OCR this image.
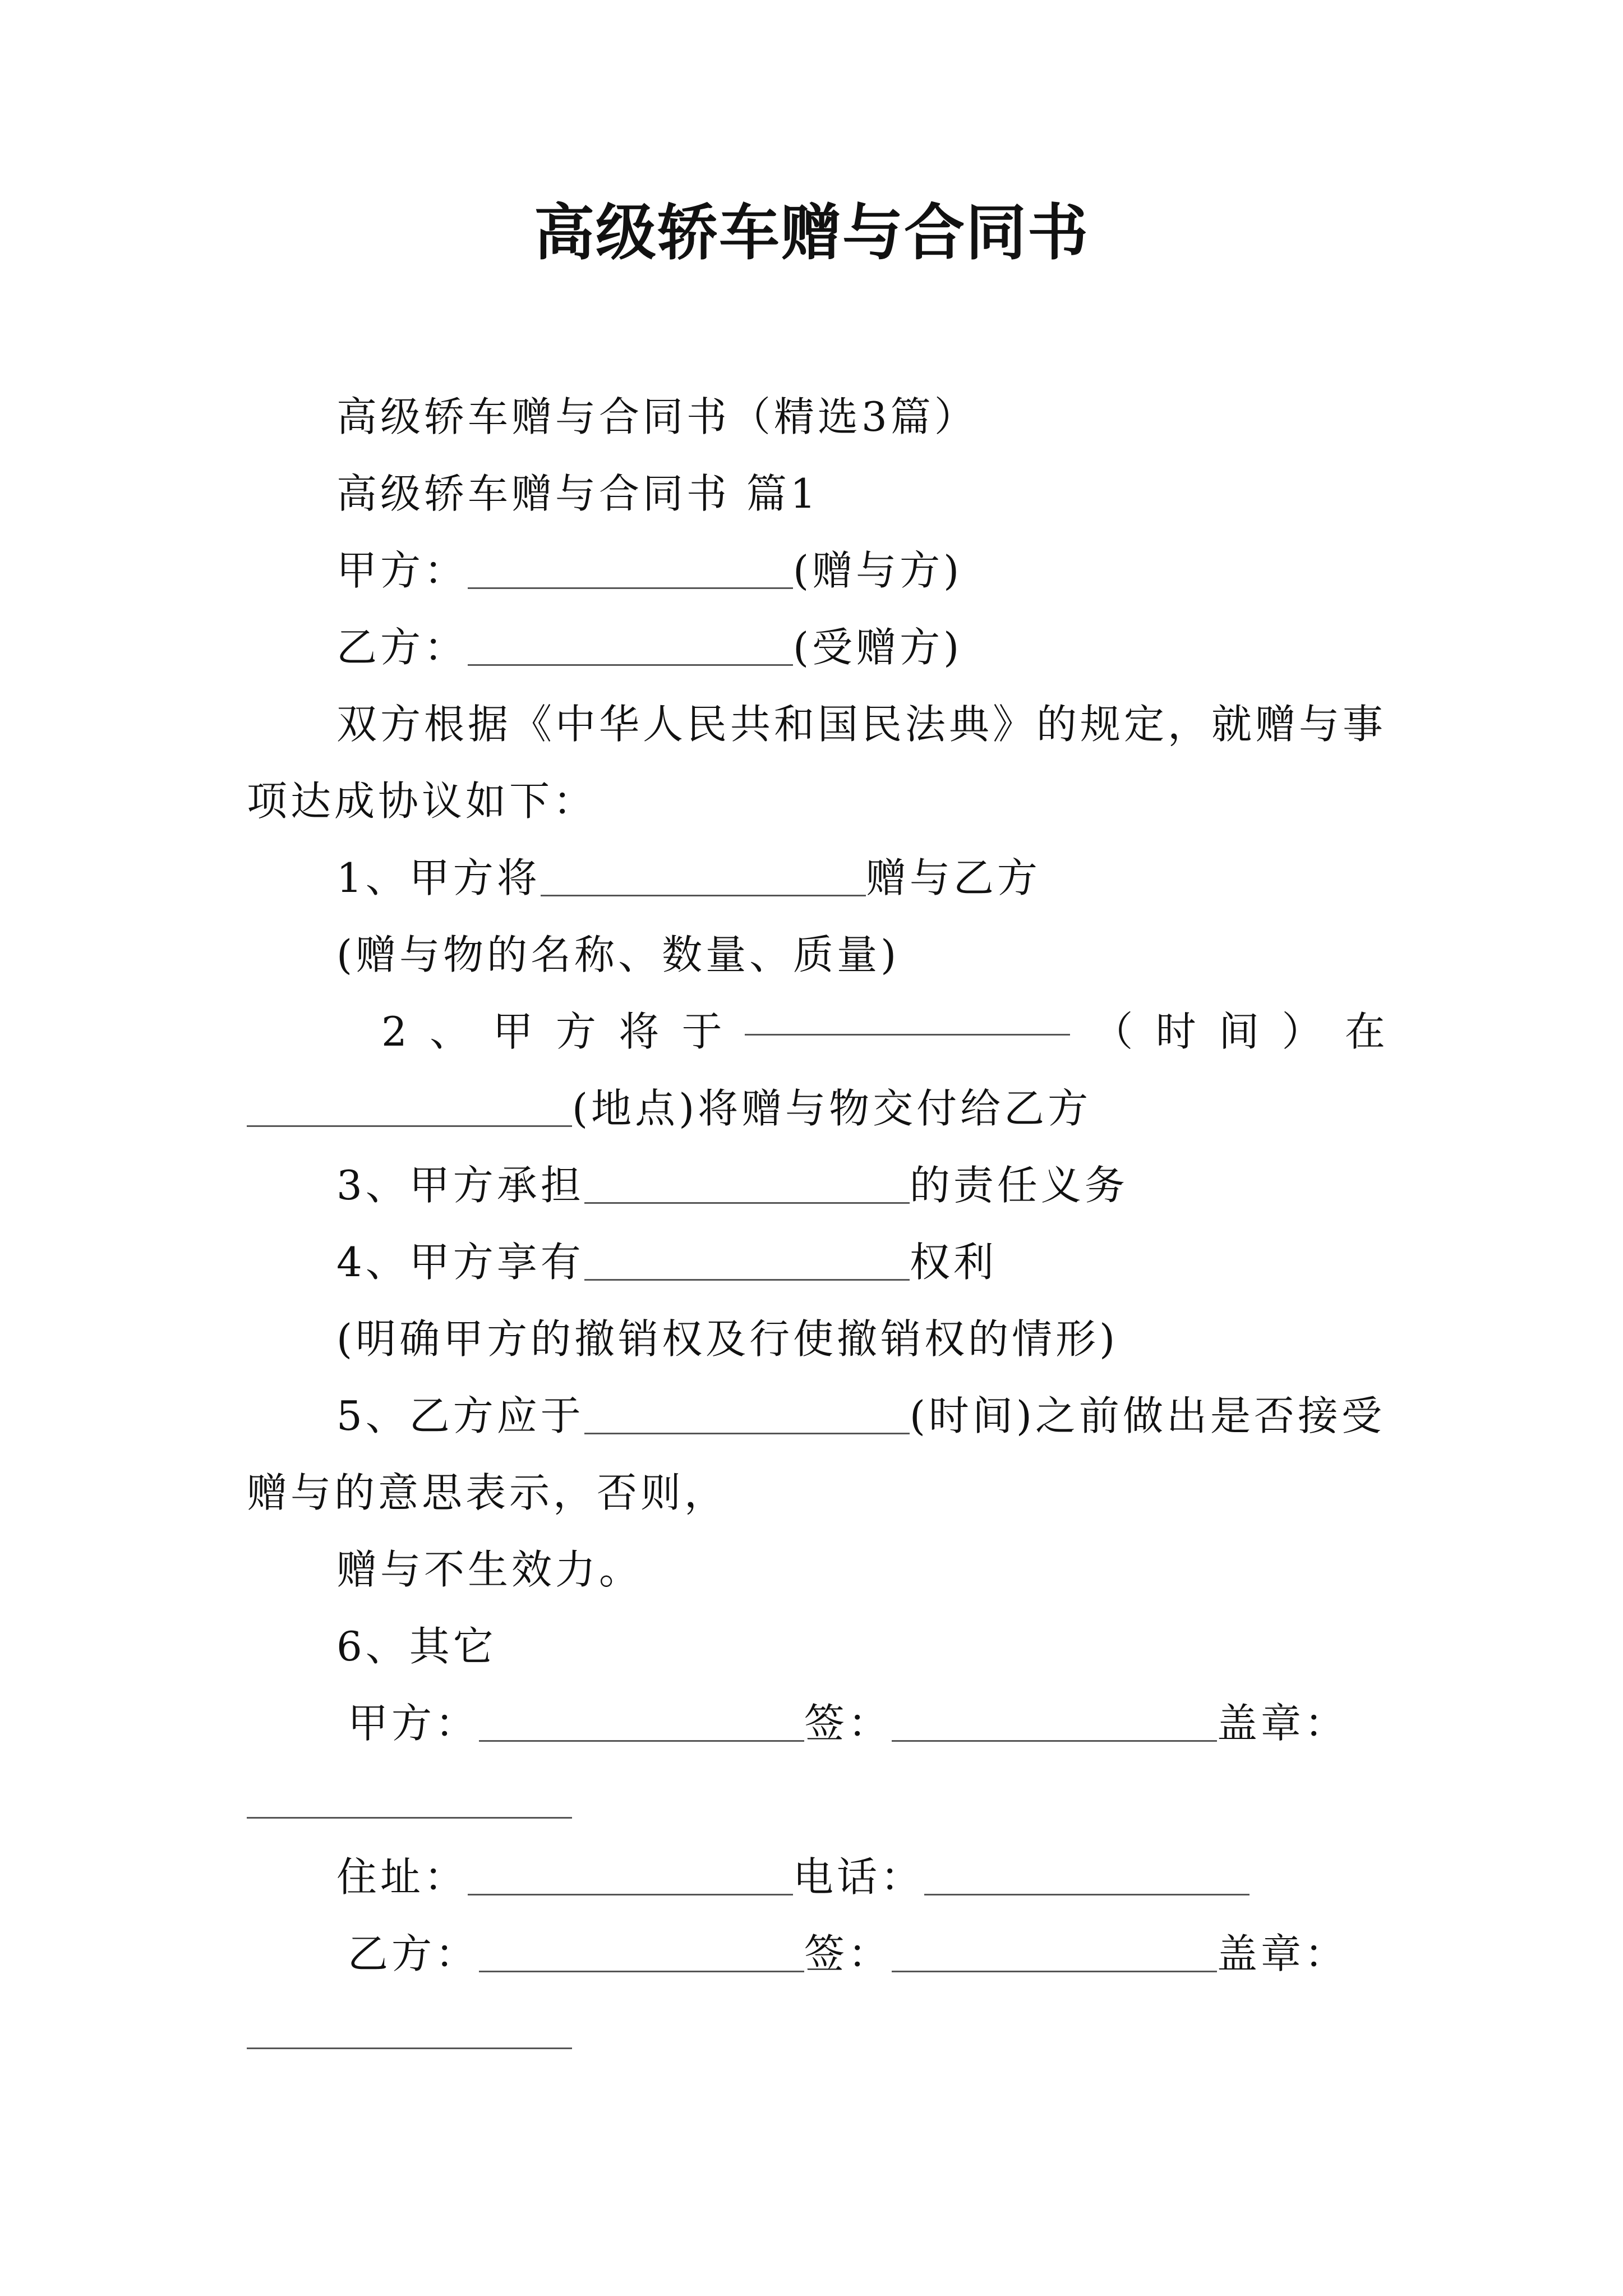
高级轿车赠与合同书
高级轿车赠与合同书（精选3篇）
高级轿车赠与合同书 篇1
甲方：	(赠与方)
乙方：	(受赠方)
双方根据《中华人民共和国民法典》的规定，就赠与事
项达成协议如下：
1、甲方将	赠与乙方
(赠与物的名称、数量、质量)
2 、 甲 方 将 于	（ 时 间 ） 在
(地点)将赠与物交付给乙方
3、甲方承担	的责任义务
4、甲方享有	权利
(明确甲方的撤销权及行使撤销权的情形)
5、乙方应于	(时间)之前做出是否接受
赠与的意思表示，否则，
赠与不生效力。
6、其它
甲方：	签：	盖章：
住址：	电话：
乙方：	签：	盖章：
